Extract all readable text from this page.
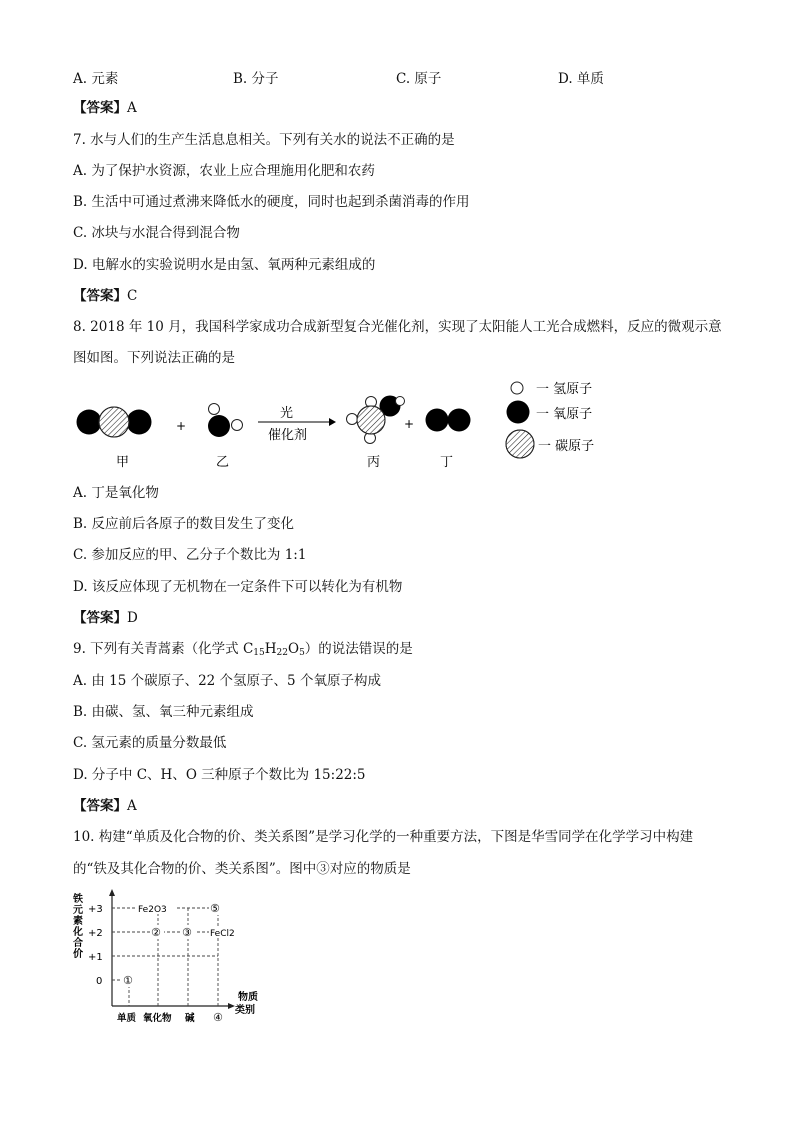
A. 元素	B. 分子	C. 原子	D. 单质
【答案】A
7. 水与人们的生产生活息息相关。下列有关水的说法不正确的是
A. 为了保护水资源，农业上应合理施用化肥和农药
B. 生活中可通过煮沸来降低水的硬度，同时也起到杀菌消毒的作用
C. 冰块与水混合得到混合物
D. 电解水的实验说明水是由氢、氧两种元素组成的
【答案】C
8. 2018 年 10 月，我国科学家成功合成新型复合光催化剂，实现了太阳能人工光合成燃料，反应的微观示意
图如图。下列说法正确的是
+
光
催化剂
+
甲	乙	丙	丁
一 氢原子
一 氧原子
一 碳原子
A. 丁是氧化物
B. 反应前后各原子的数目发生了变化
C. 参加反应的甲、乙分子个数比为 1:1
D. 该反应体现了无机物在一定条件下可以转化为有机物
【答案】D
9. 下列有关青蒿素（化学式 $C_{15}H_{22}O_5$）的说法错误的是
A. 由 15 个碳原子、22 个氢原子、5 个氧原子构成
B. 由碳、氢、氧三种元素组成
C. 氢元素的质量分数最低
D. 分子中 C、H、O 三种原子个数比为 15:22:5
【答案】A
10. 构建“单质及化合物的价、类关系图”是学习化学的一种重要方法，下图是华雪同学在化学学习中构建
的“铁及其化合物的价、类关系图”。图中③对应的物质是
铁
元
素
化
合
价
+3
+2
+1
0
Fe2O3	⑤
② ③ FeCl2
①
物质
类别
单质 氧化物 碱 ④
